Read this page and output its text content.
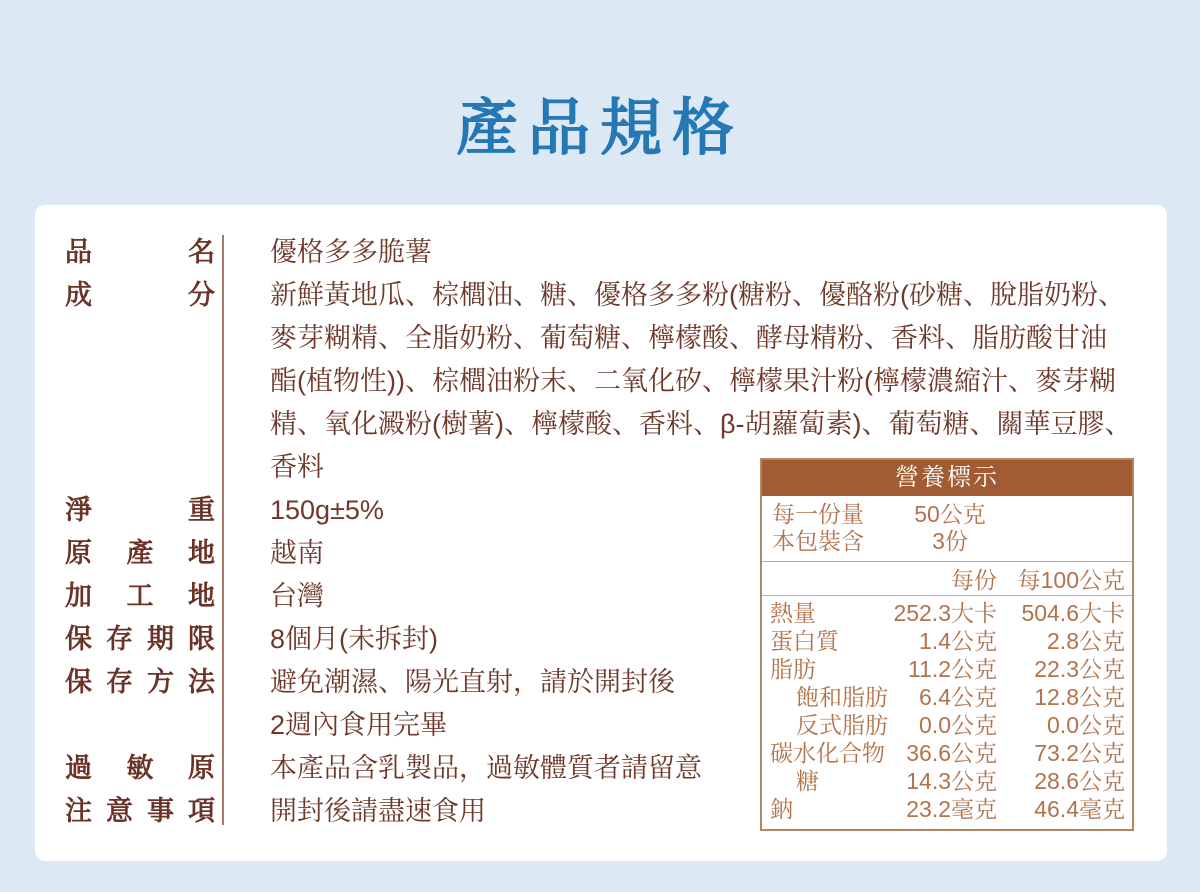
產品規格
品名 優格多多脆薯
成分 新鮮黃地瓜、棕櫚油、糖、優格多多粉(糖粉、優酪粉(砂糖、脫脂奶粉、
麥芽糊精、全脂奶粉、葡萄糖、檸檬酸、酵母精粉、香料、脂肪酸甘油
酯(植物性))、棕櫚油粉末、二氧化矽、檸檬果汁粉(檸檬濃縮汁、麥芽糊
精、氧化澱粉(樹薯)、檸檬酸、香料、β-胡蘿蔔素)、葡萄糖、關華豆膠、
香料
淨重 150g±5%
原產地 越南
加工地 台灣
保存期限 8個月(未拆封)
保存方法 避免潮濕、陽光直射，請於開封後
2週內食用完畢
過敏原 本產品含乳製品，過敏體質者請留意
注意事項 開封後請盡速食用
營養標示
每一份量	50公克
本包裝含	3份
每份 每100公克
熱量	252.3大卡	504.6大卡
蛋白質	1.4公克	2.8公克
脂肪	11.2公克	22.3公克
飽和脂肪	6.4公克	12.8公克
反式脂肪	0.0公克	0.0公克
碳水化合物 36.6公克	73.2公克
糖	14.3公克	28.6公克
鈉	23.2毫克	46.4毫克
